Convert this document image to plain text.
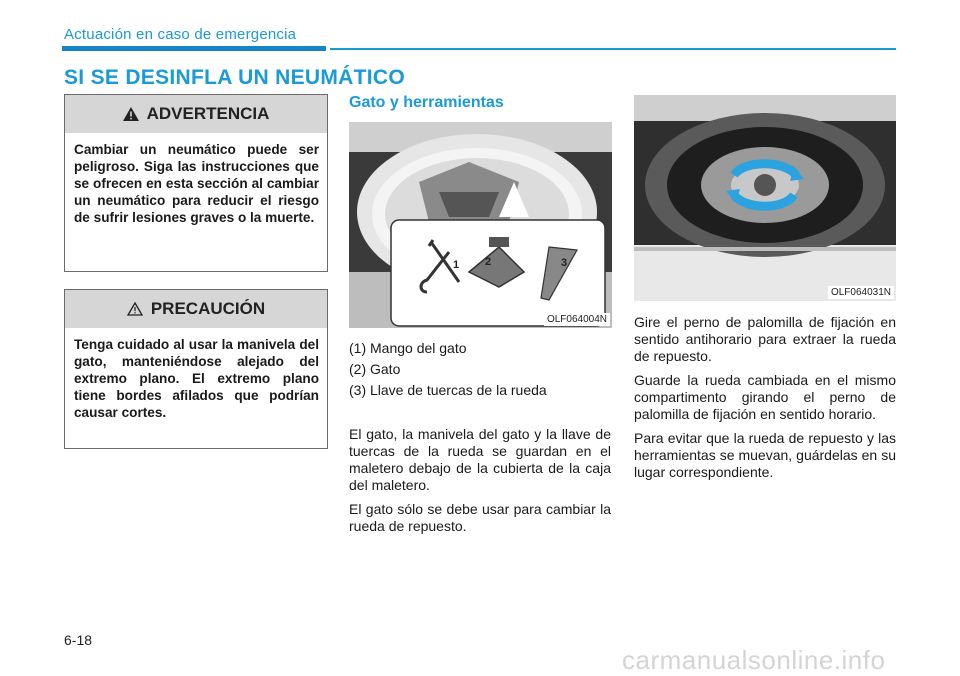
Actuación en caso de emergencia
SI SE DESINFLA UN NEUMÁTICO
ADVERTENCIA
Cambiar un neumático puede ser peligroso. Siga las instrucciones que se ofrecen en esta sección al cambiar un neumático para reducir el riesgo de sufrir lesiones graves o la muerte.
PRECAUCIÓN
Tenga cuidado al usar la manivela del gato, manteniéndose alejado del extremo plano. El extremo plano tiene bordes afilados que podrían causar cortes.
Gato y herramientas
1 2	3
OLF064004N
(1) Mango del gato
(2) Gato
(3) Llave de tuercas de la rueda

El gato, la manivela del gato y la llave de tuercas de la rueda se guardan en el maletero debajo de la cubierta de la caja del maletero.

El gato sólo se debe usar para cambiar la rueda de repuesto.

OLF064031N

Gire el perno de palomilla de fijación en sentido antihorario para extraer la rueda de repuesto.

Guarde la rueda cambiada en el mismo compartimento girando el perno de palomilla de fijación en sentido horario.

Para evitar que la rueda de repuesto y las herramientas se muevan, guárdelas en su lugar correspondiente.

6-18
carmanualsonline.info
